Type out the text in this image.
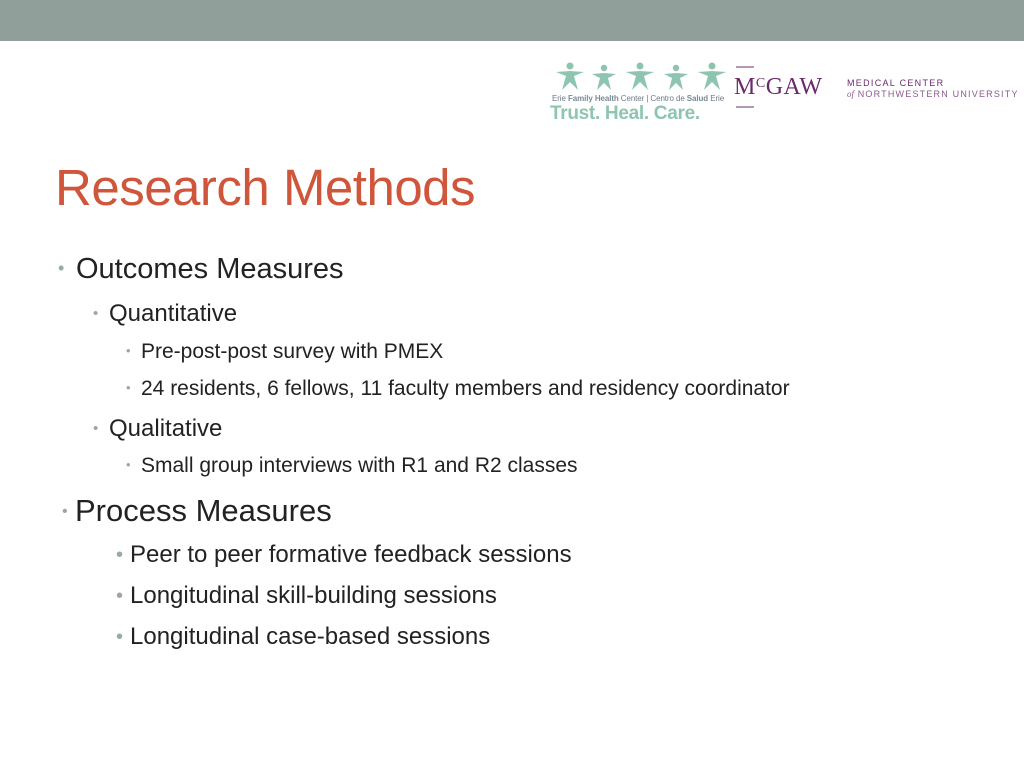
Erie Family Health Center | Centro de Salud Erie
Trust. Heal. Care.
$M^CGAW$	MEDICAL CENTER
of NORTHWESTERN UNIVERSITY
Research Methods
• Outcomes Measures
• Quantitative
• Pre-post-post survey with PMEX
• 24 residents, 6 fellows, 11 faculty members and residency coordinator
• Qualitative
• Small group interviews with R1 and R2 classes
• Process Measures
• Peer to peer formative feedback sessions
• Longitudinal skill-building sessions
• Longitudinal case-based sessions
